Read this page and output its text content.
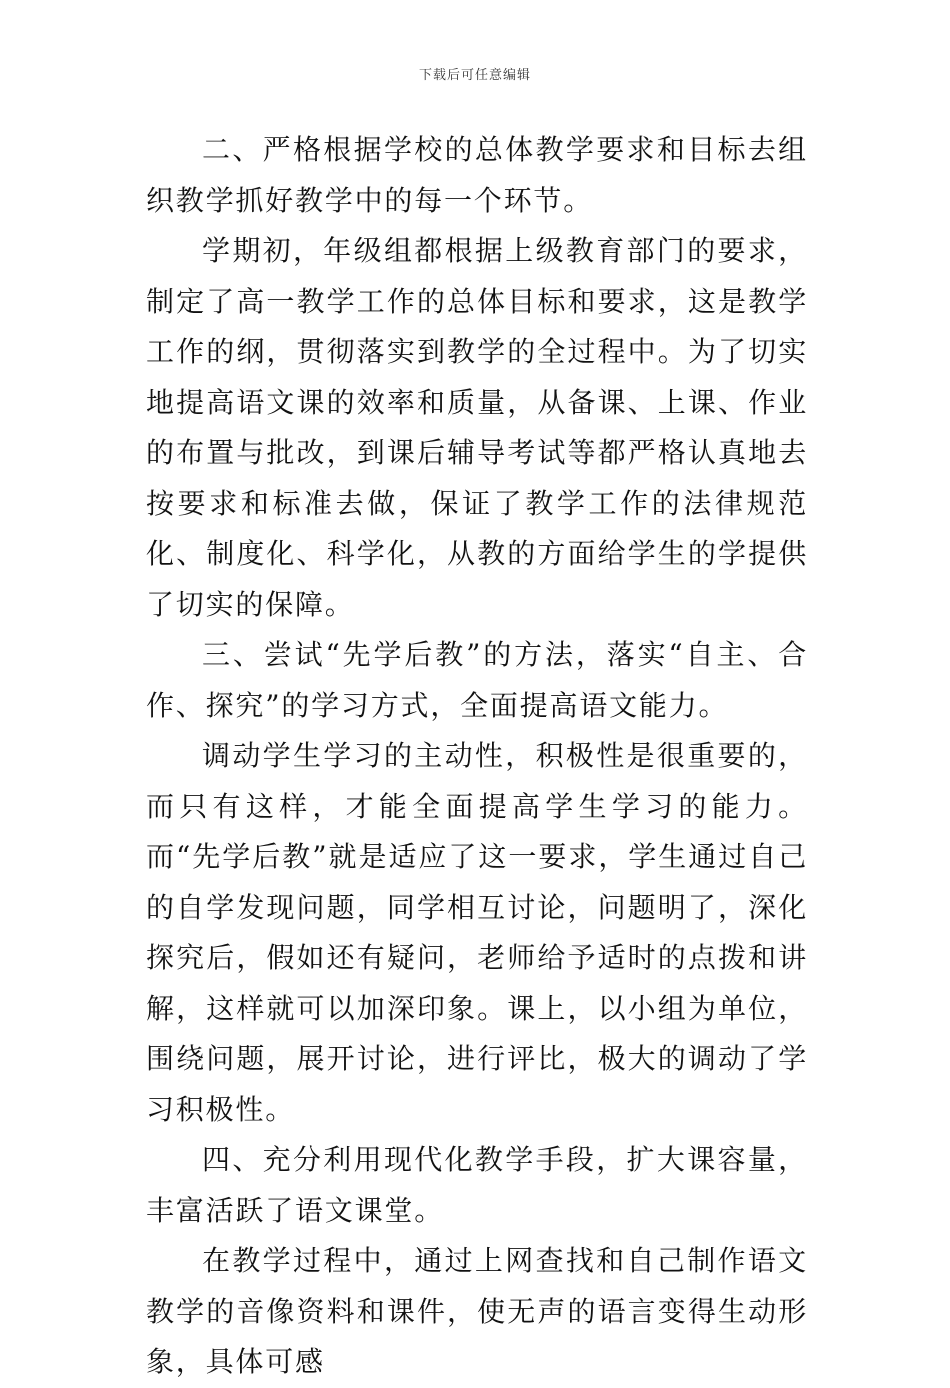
下载后可任意编辑

二、严格根据学校的总体教学要求和目标去组织教学抓好教学中的每一个环节。

学期初，年级组都根据上级教育部门的要求，制定了高一教学工作的总体目标和要求，这是教学工作的纲，贯彻落实到教学的全过程中。为了切实地提高语文课的效率和质量，从备课、上课、作业的布置与批改，到课后辅导考试等都严格认真地去按要求和标准去做，保证了教学工作的法律规范化、制度化、科学化，从教的方面给学生的学提供了切实的保障。

三、尝试“先学后教”的方法，落实“自主、合作、探究”的学习方式，全面提高语文能力。

调动学生学习的主动性，积极性是很重要的，而只有这样，才能全面提高学生学习的能力。而“先学后教”就是适应了这一要求，学生通过自己的自学发现问题，同学相互讨论，问题明了，深化探究后，假如还有疑问，老师给予适时的点拨和讲解，这样就可以加深印象。课上，以小组为单位，围绕问题，展开讨论，进行评比，极大的调动了学习积极性。

四、充分利用现代化教学手段，扩大课容量，丰富活跃了语文课堂。

在教学过程中，通过上网查找和自己制作语文教学的音像资料和课件，使无声的语言变得生动形象，具体可感
